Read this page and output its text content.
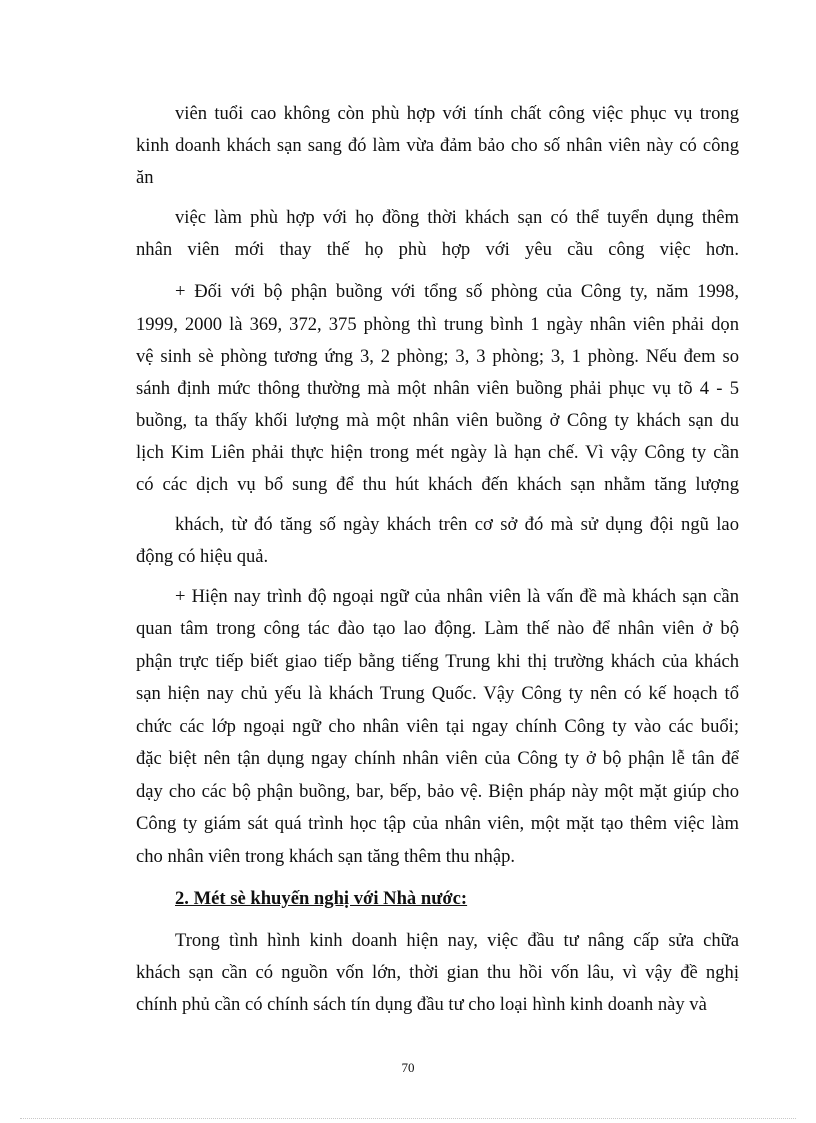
viên tuổi cao không còn phù hợp với tính chất công việc phục vụ trong

kinh doanh khách sạn sang đó làm vừa đảm bảo cho số nhân viên này có công

ăn

việc làm phù hợp với họ đồng thời khách sạn có thể tuyển dụng thêm

nhân viên mới thay thế họ phù hợp với yêu cầu công việc hơn.

+ Đối với bộ phận buồng với tổng số phòng của Công ty, năm 1998,

1999, 2000 là 369, 372, 375 phòng thì trung bình 1 ngày nhân viên phải dọn

vệ sinh sè phòng tương ứng 3, 2 phòng; 3, 3 phòng; 3, 1 phòng. Nếu đem so

sánh định mức thông thường mà một nhân viên buồng phải phục vụ tõ 4 - 5

buồng, ta thấy khối lượng mà một nhân viên buồng ở Công ty khách sạn du

lịch Kim Liên phải thực hiện trong mét ngày là hạn chế. Vì vậy Công ty cần

có các dịch vụ bổ sung để thu hút khách đến khách sạn nhằm tăng lượng

khách, từ đó tăng số ngày khách trên cơ sở đó mà sử dụng đội ngũ lao

động có hiệu quả.

+ Hiện nay trình độ ngoại ngữ của nhân viên là vấn đề mà khách sạn cần

quan tâm trong công tác đào tạo lao động. Làm thế nào để nhân viên ở bộ

phận trực tiếp biết giao tiếp bằng tiếng Trung khi thị trường khách của khách

sạn hiện nay chủ yếu là khách Trung Quốc. Vậy Công ty nên có kế hoạch tổ

chức các lớp ngoại ngữ cho nhân viên tại ngay chính Công ty vào các buổi;

đặc biệt nên tận dụng ngay chính nhân viên của Công ty ở bộ phận lễ tân để

dạy cho các bộ phận buồng, bar, bếp, bảo vệ. Biện pháp này một mặt giúp cho

Công ty giám sát quá trình học tập của nhân viên, một mặt tạo thêm việc làm

cho nhân viên trong khách sạn tăng thêm thu nhập.

2. Mét sè khuyến nghị với Nhà nước:

Trong tình hình kinh doanh hiện nay, việc đầu tư nâng cấp sửa chữa

khách sạn cần có nguồn vốn lớn, thời gian thu hồi vốn lâu, vì vậy đề nghị

chính phủ cần có chính sách tín dụng đầu tư cho loại hình kinh doanh này và

70
